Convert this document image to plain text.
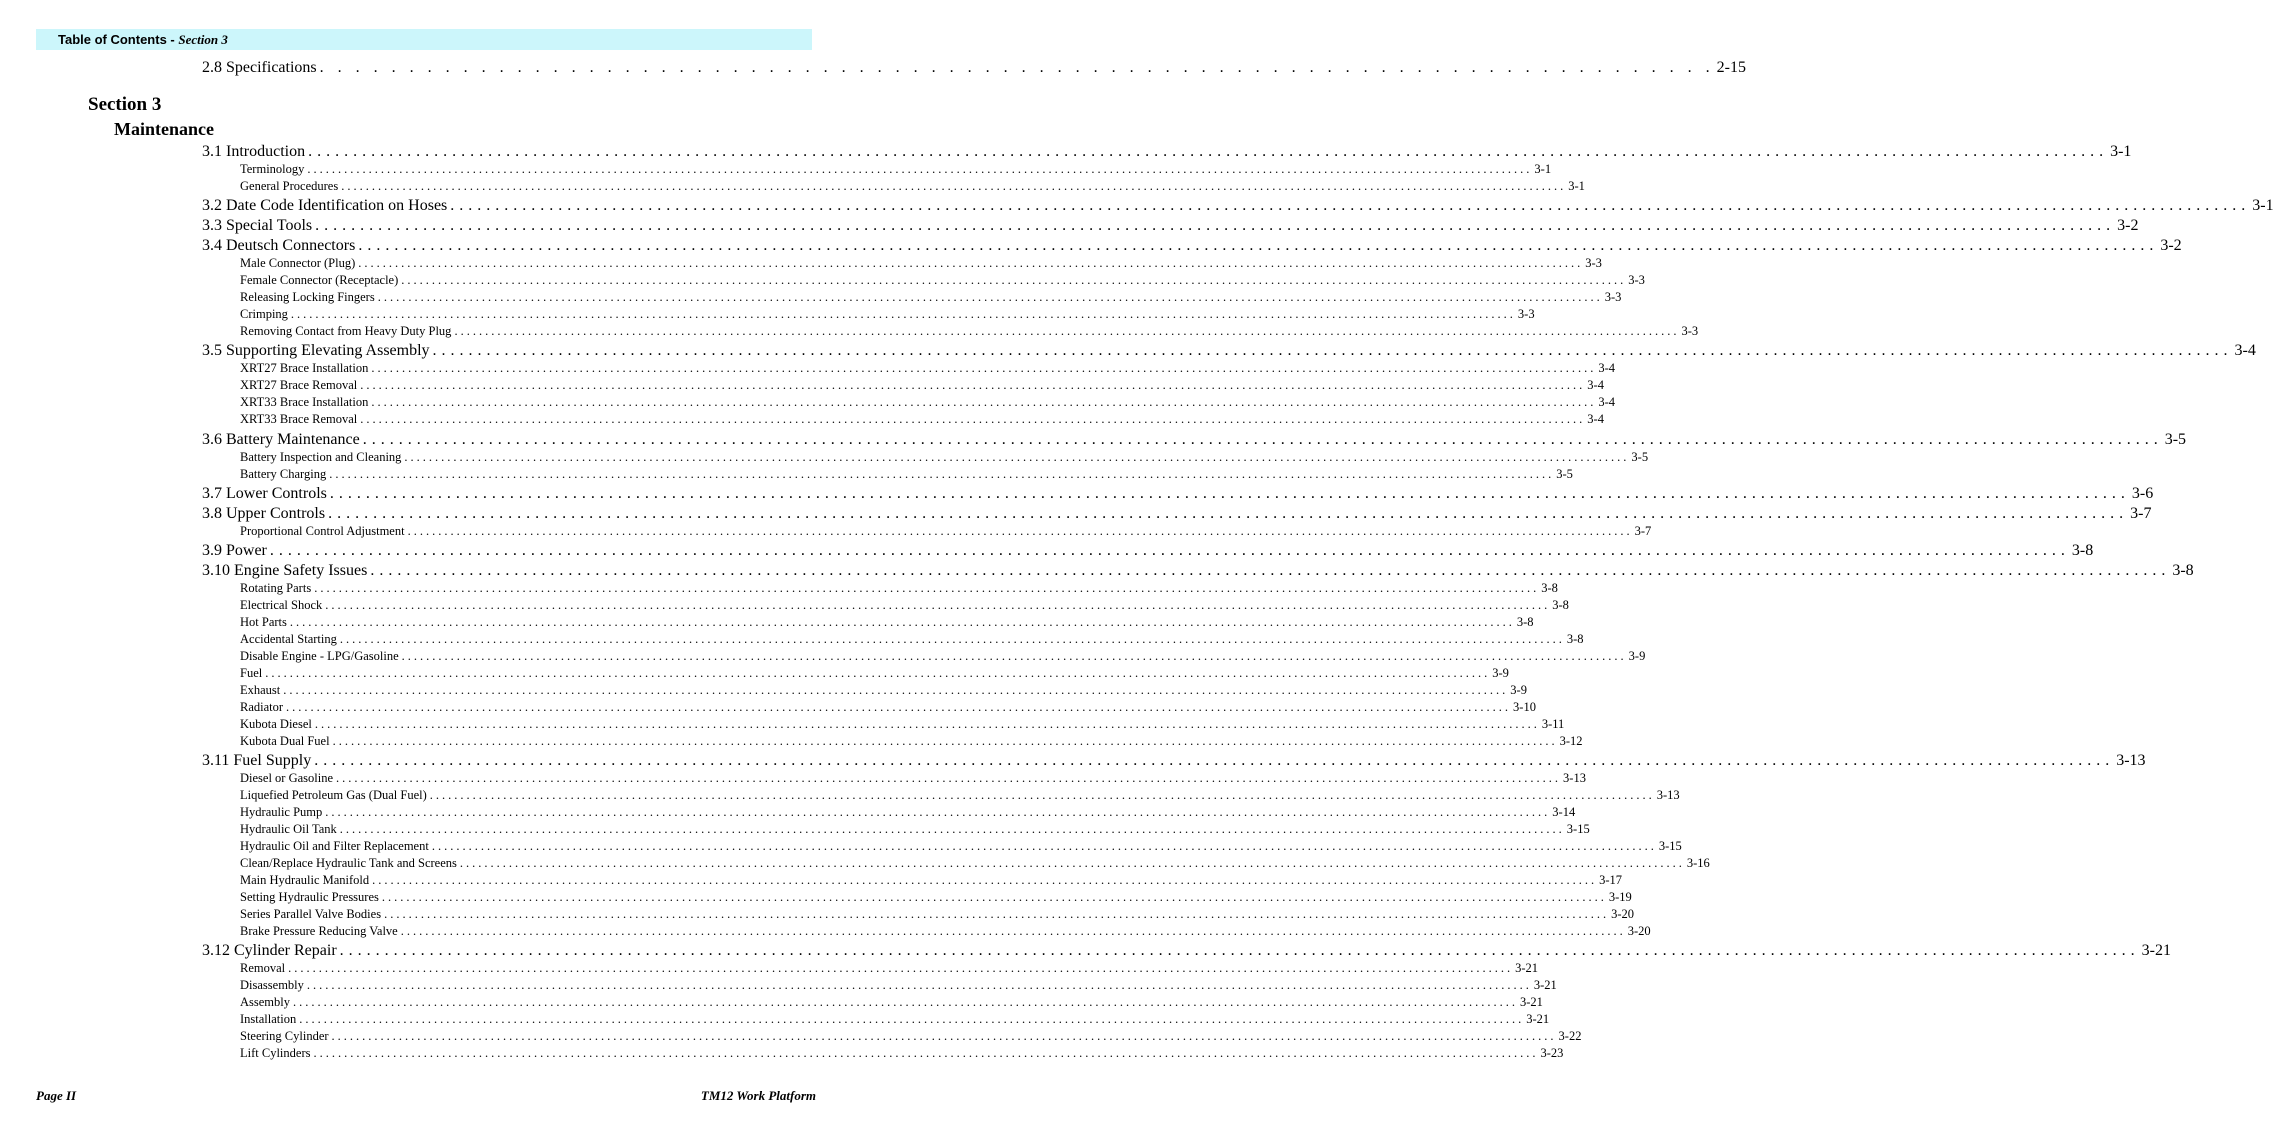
Table of Contents - Section 3
2.8 Specifications . . . . . . . . . . . . . . . . . . . . . . . . . . . . . . . . . . . . . . . . . . . . . . . . . . . . . . . . . . . . . . . . . . . . . . . . . . . . . . 2-15
Section 3
Maintenance
3.1 Introduction ........................................................................................................................................................................................................ 3-1
Terminology ........................................................................................................................................................................................................ 3-1
General Procedures ........................................................................................................................................................................................................ 3-1
3.2 Date Code Identification on Hoses ........................................................................................................................................................................................................ 3-1
3.3 Special Tools ........................................................................................................................................................................................................ 3-2
3.4 Deutsch Connectors ........................................................................................................................................................................................................ 3-2
Male Connector (Plug) ........................................................................................................................................................................................................ 3-3
Female Connector (Receptacle) ........................................................................................................................................................................................................ 3-3
Releasing Locking Fingers ........................................................................................................................................................................................................ 3-3
Crimping ........................................................................................................................................................................................................ 3-3
Removing Contact from Heavy Duty Plug ........................................................................................................................................................................................................ 3-3
3.5 Supporting Elevating Assembly ........................................................................................................................................................................................................ 3-4
XRT27 Brace Installation ........................................................................................................................................................................................................ 3-4
XRT27 Brace Removal ........................................................................................................................................................................................................ 3-4
XRT33 Brace Installation ........................................................................................................................................................................................................ 3-4
XRT33 Brace Removal ........................................................................................................................................................................................................ 3-4
3.6 Battery Maintenance ........................................................................................................................................................................................................ 3-5
Battery Inspection and Cleaning ........................................................................................................................................................................................................ 3-5
Battery Charging ........................................................................................................................................................................................................ 3-5
3.7 Lower Controls ........................................................................................................................................................................................................ 3-6
3.8 Upper Controls ........................................................................................................................................................................................................ 3-7
Proportional Control Adjustment ........................................................................................................................................................................................................ 3-7
3.9 Power ........................................................................................................................................................................................................ 3-8
3.10 Engine Safety Issues ........................................................................................................................................................................................................ 3-8
Rotating Parts ........................................................................................................................................................................................................ 3-8
Electrical Shock ........................................................................................................................................................................................................ 3-8
Hot Parts ........................................................................................................................................................................................................ 3-8
Accidental Starting ........................................................................................................................................................................................................ 3-8
Disable Engine - LPG/Gasoline ........................................................................................................................................................................................................ 3-9
Fuel ........................................................................................................................................................................................................ 3-9
Exhaust ........................................................................................................................................................................................................ 3-9
Radiator ........................................................................................................................................................................................................ 3-10
Kubota Diesel ........................................................................................................................................................................................................ 3-11
Kubota Dual Fuel ........................................................................................................................................................................................................ 3-12
3.11 Fuel Supply ........................................................................................................................................................................................................ 3-13
Diesel or Gasoline ........................................................................................................................................................................................................ 3-13
Liquefied Petroleum Gas (Dual Fuel) ........................................................................................................................................................................................................ 3-13
Hydraulic Pump ........................................................................................................................................................................................................ 3-14
Hydraulic Oil Tank ........................................................................................................................................................................................................ 3-15
Hydraulic Oil and Filter Replacement ........................................................................................................................................................................................................ 3-15
Clean/Replace Hydraulic Tank and Screens ........................................................................................................................................................................................................ 3-16
Main Hydraulic Manifold ........................................................................................................................................................................................................ 3-17
Setting Hydraulic Pressures ........................................................................................................................................................................................................ 3-19
Series Parallel Valve Bodies ........................................................................................................................................................................................................ 3-20
Brake Pressure Reducing Valve ........................................................................................................................................................................................................ 3-20
3.12 Cylinder Repair ........................................................................................................................................................................................................ 3-21
Removal ........................................................................................................................................................................................................ 3-21
Disassembly ........................................................................................................................................................................................................ 3-21
Assembly ........................................................................................................................................................................................................ 3-21
Installation ........................................................................................................................................................................................................ 3-21
Steering Cylinder ........................................................................................................................................................................................................ 3-22
Lift Cylinders ........................................................................................................................................................................................................ 3-23
Page II	TM12 Work Platform
